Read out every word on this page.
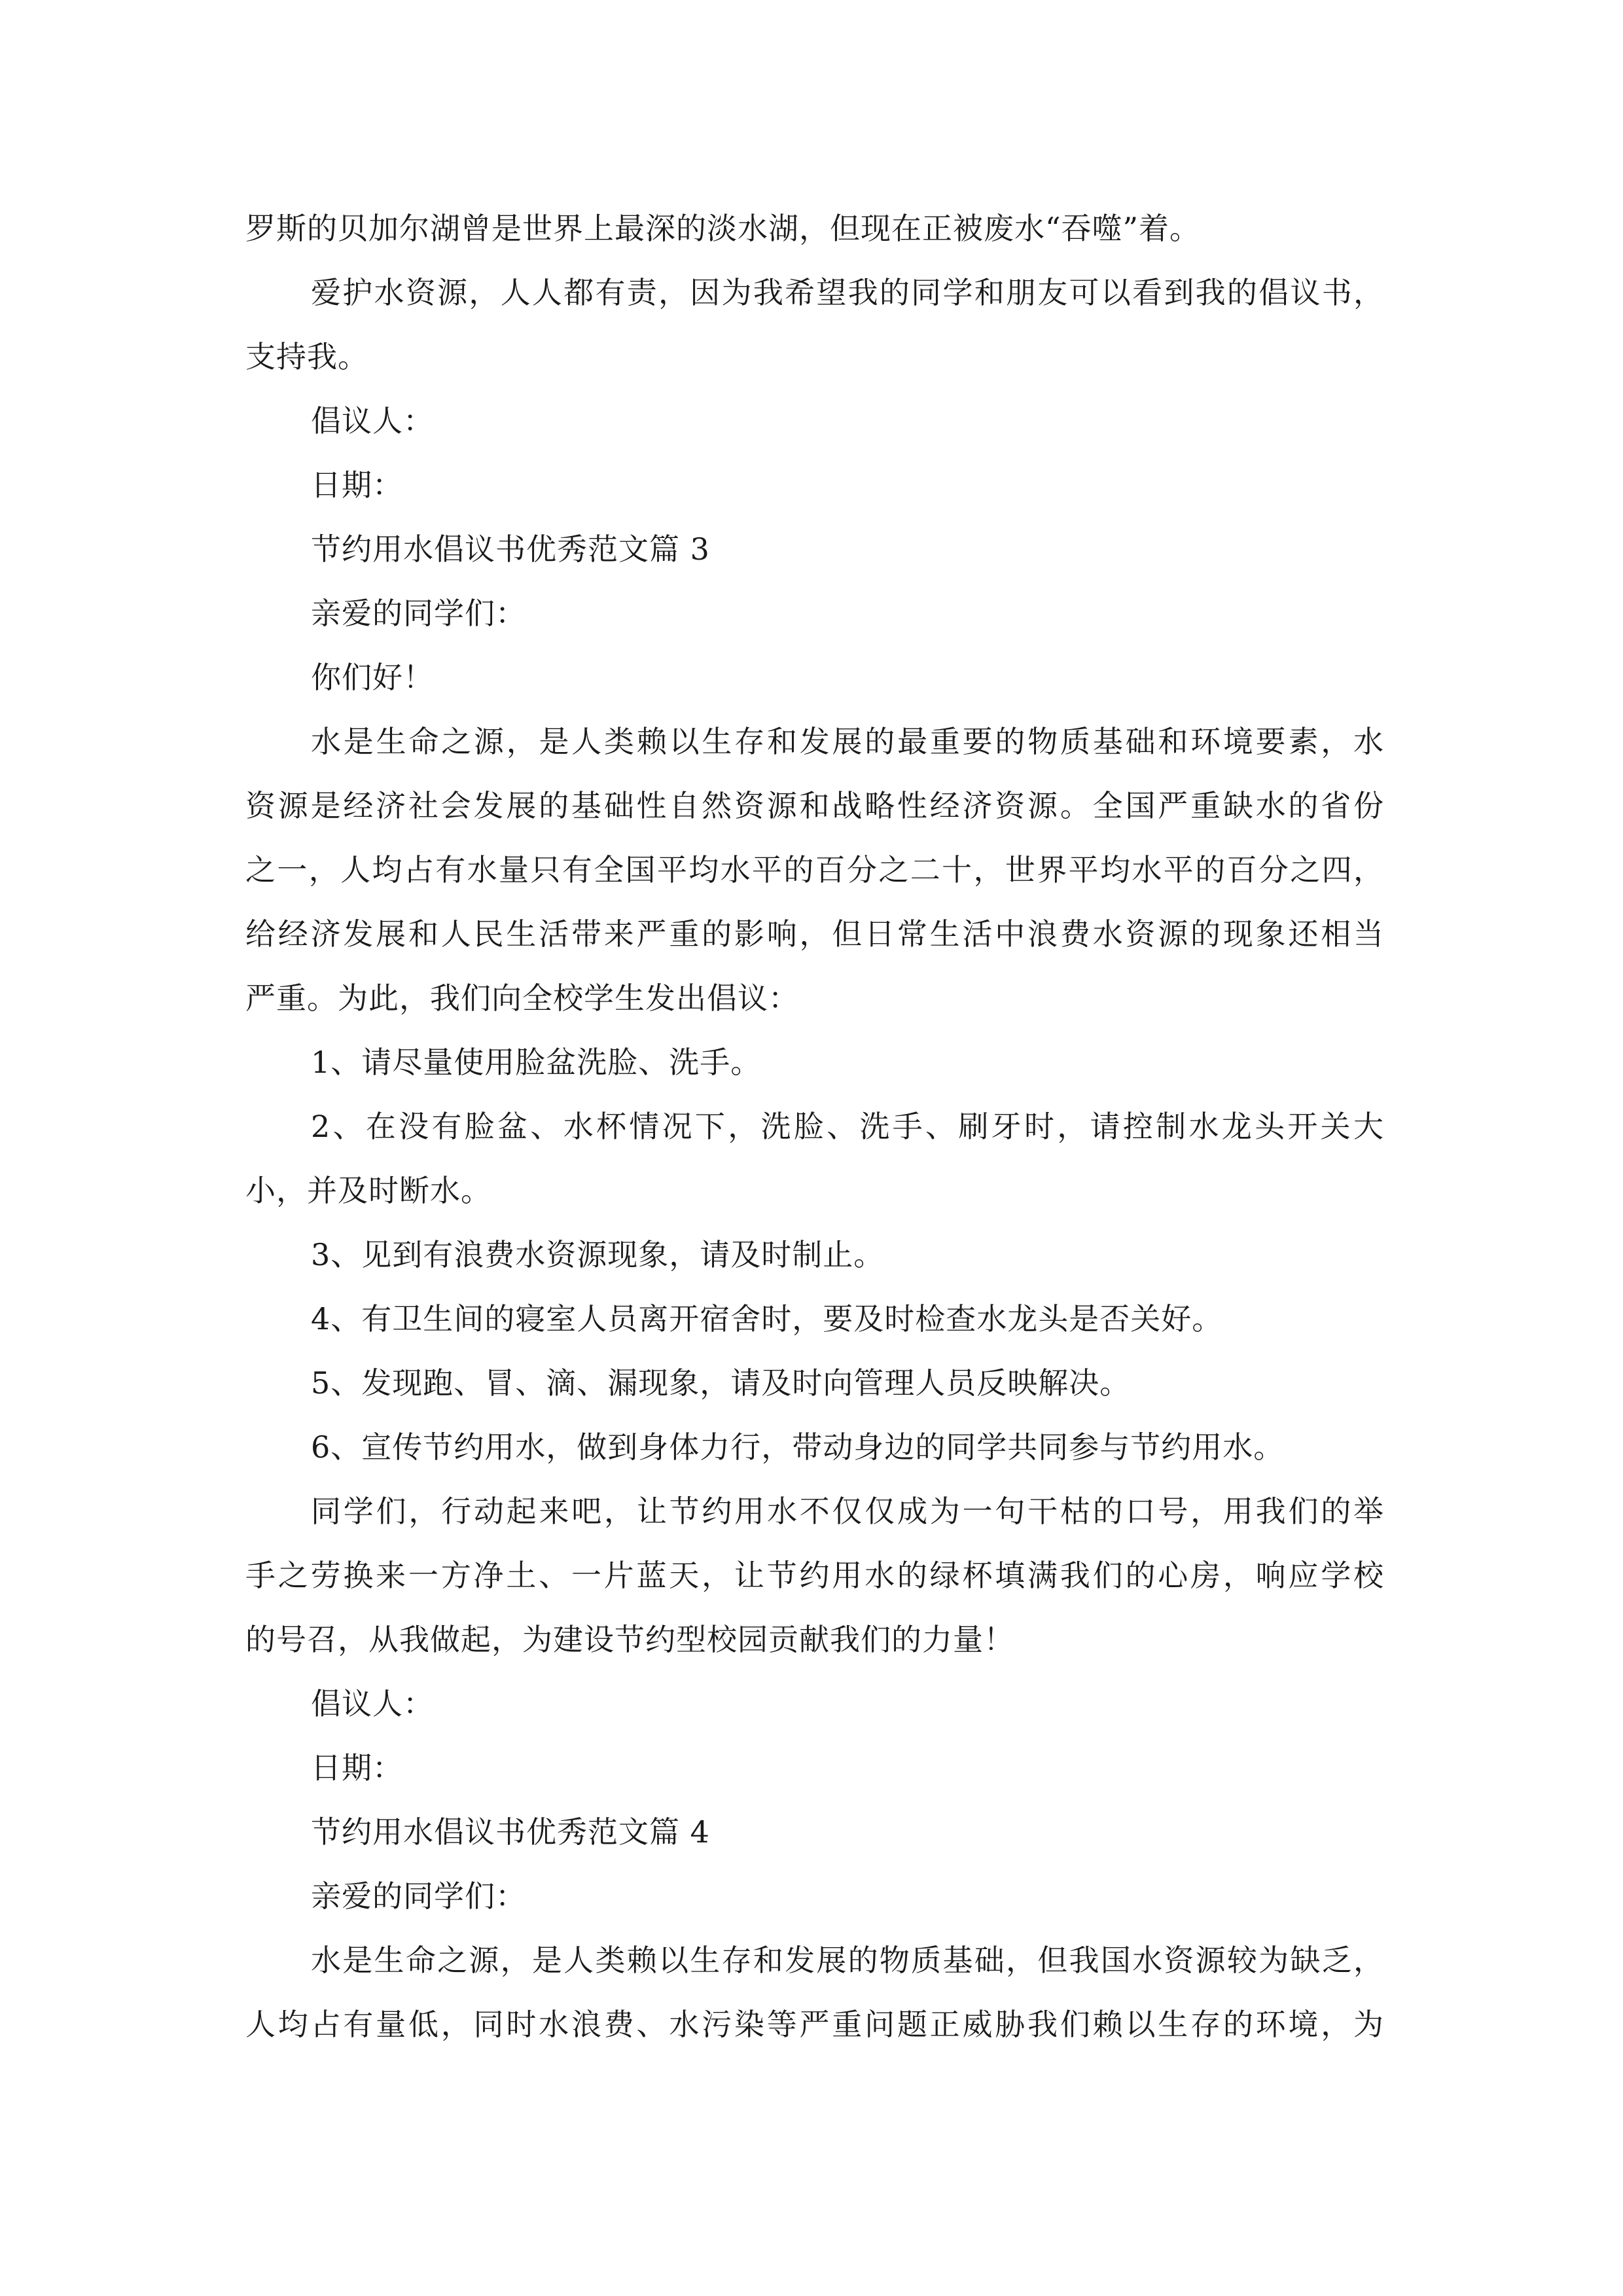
罗斯的贝加尔湖曾是世界上最深的淡水湖，但现在正被废水“吞噬”着。

爱护水资源，人人都有责，因为我希望我的同学和朋友可以看到我的倡议书，

支持我。

倡议人：

日期：

节约用水倡议书优秀范文篇 3

亲爱的同学们：

你们好！

水是生命之源，是人类赖以生存和发展的最重要的物质基础和环境要素，水

资源是经济社会发展的基础性自然资源和战略性经济资源。全国严重缺水的省份

之一，人均占有水量只有全国平均水平的百分之二十，世界平均水平的百分之四，

给经济发展和人民生活带来严重的影响，但日常生活中浪费水资源的现象还相当

严重。为此，我们向全校学生发出倡议：

1、请尽量使用脸盆洗脸、洗手。

2、在没有脸盆、水杯情况下，洗脸、洗手、刷牙时，请控制水龙头开关大

小，并及时断水。

3、见到有浪费水资源现象，请及时制止。

4、有卫生间的寝室人员离开宿舍时，要及时检查水龙头是否关好。

5、发现跑、冒、滴、漏现象，请及时向管理人员反映解决。

6、宣传节约用水，做到身体力行，带动身边的同学共同参与节约用水。

同学们，行动起来吧，让节约用水不仅仅成为一句干枯的口号，用我们的举

手之劳换来一方净土、一片蓝天，让节约用水的绿杯填满我们的心房，响应学校

的号召，从我做起，为建设节约型校园贡献我们的力量！

倡议人：

日期：

节约用水倡议书优秀范文篇 4

亲爱的同学们：

水是生命之源，是人类赖以生存和发展的物质基础，但我国水资源较为缺乏，

人均占有量低，同时水浪费、水污染等严重问题正威胁我们赖以生存的环境，为
